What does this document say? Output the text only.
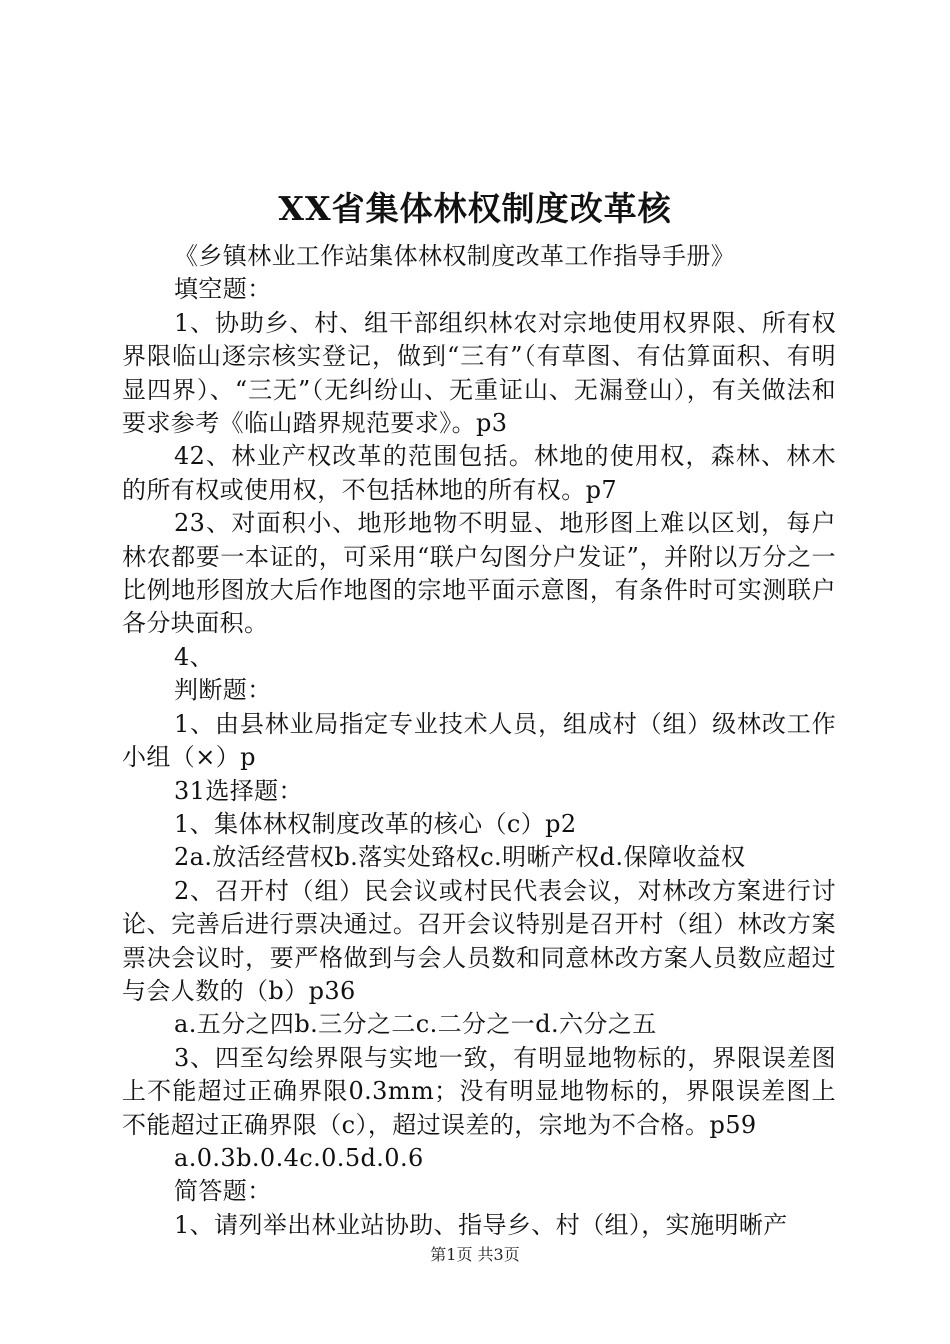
XX省集体林权制度改革核

《乡镇林业工作站集体林权制度改革工作指导手册》

填空题：

1、协助乡、村、组干部组织林农对宗地使用权界限、所有权界限临山逐宗核实登记，做到“三有”（有草图、有估算面积、有明显四界）、“三无”（无纠纷山、无重证山、无漏登山），有关做法和要求参考《临山踏界规范要求》。p3

42、林业产权改革的范围包括。林地的使用权，森林、林木的所有权或使用权，不包括林地的所有权。p7

23、对面积小、地形地物不明显、地形图上难以区划，每户林农都要一本证的，可采用“联户勾图分户发证”，并附以万分之一比例地形图放大后作地图的宗地平面示意图，有条件时可实测联户各分块面积。

4、

判断题：

1、由县林业局指定专业技术人员，组成村（组）级林改工作小组（×）p

31选择题：

1、集体林权制度改革的核心（c）p2

2a.放活经营权b.落实处臵权c.明晰产权d.保障收益权

2、召开村（组）民会议或村民代表会议，对林改方案进行讨论、完善后进行票决通过。召开会议特别是召开村（组）林改方案票决会议时，要严格做到与会人员数和同意林改方案人员数应超过与会人数的（b）p36

a.五分之四b.三分之二c.二分之一d.六分之五

3、四至勾绘界限与实地一致，有明显地物标的，界限误差图上不能超过正确界限0.3mm；没有明显地物标的，界限误差图上不能超过正确界限（c），超过误差的，宗地为不合格。p59

a.0.3b.0.4c.0.5d.0.6

简答题：

1、请列举出林业站协助、指导乡、村（组），实施明晰产

第1页 共3页
